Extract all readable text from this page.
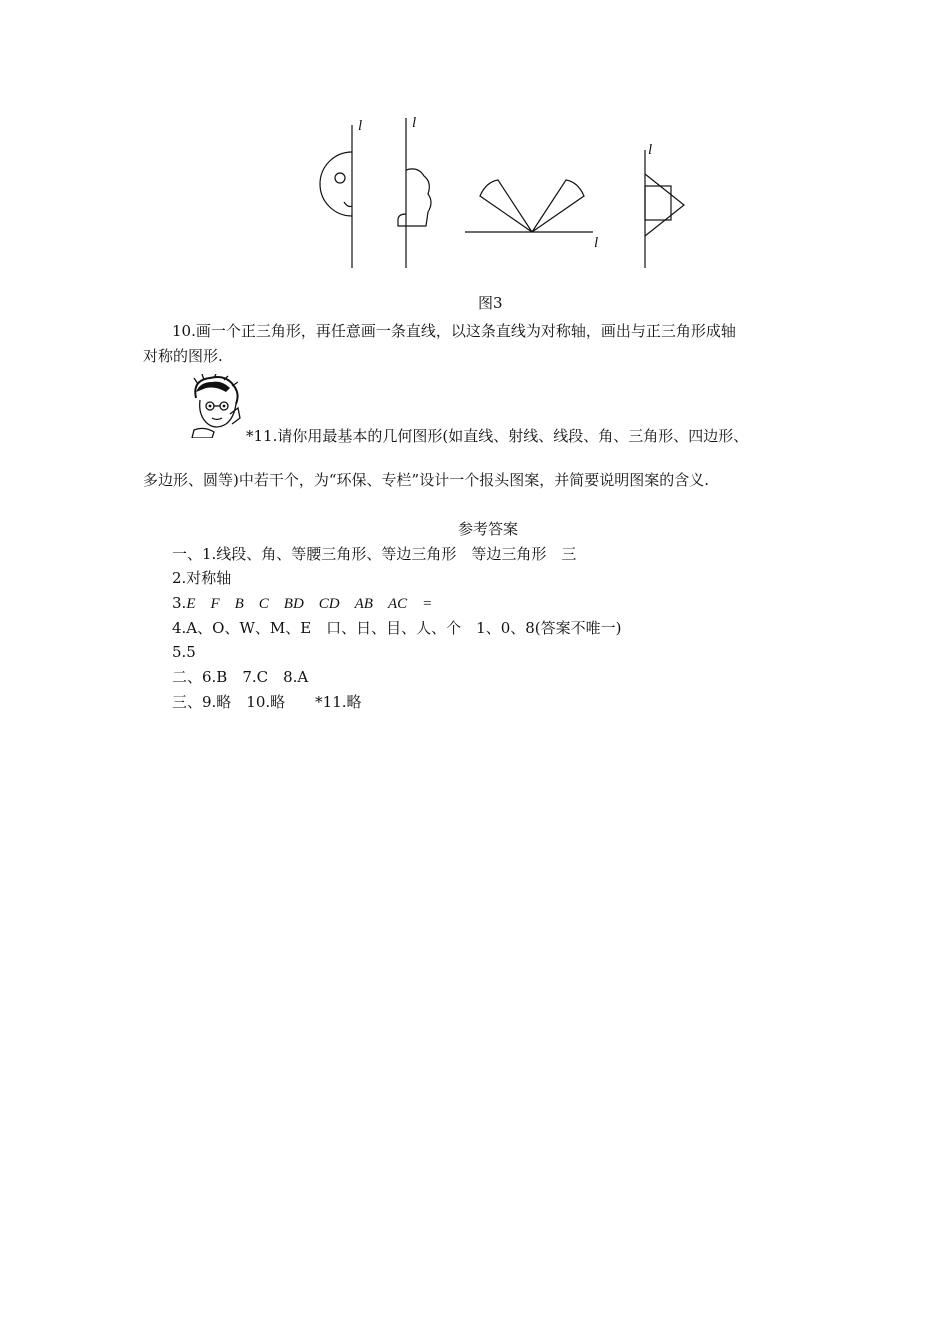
l	l
l
l
图3
10.画一个正三角形，再任意画一条直线，以这条直线为对称轴，画出与正三角形成轴
对称的图形.
*11.请你用最基本的几何图形(如直线、射线、线段、角、三角形、四边形、
多边形、圆等)中若干个，为“环保、专栏”设计一个报头图案，并简要说明图案的含义.
参考答案
一、1.线段、角、等腰三角形、等边三角形　等边三角形　三
2.对称轴
3.E　F　B　C　BD　CD　AB　AC　=
4.A、O、W、M、E　口、日、目、人、个　1、0、8(答案不唯一)
5.5
二、6.B　7.C　8.A
三、9.略　10.略　　*11.略
